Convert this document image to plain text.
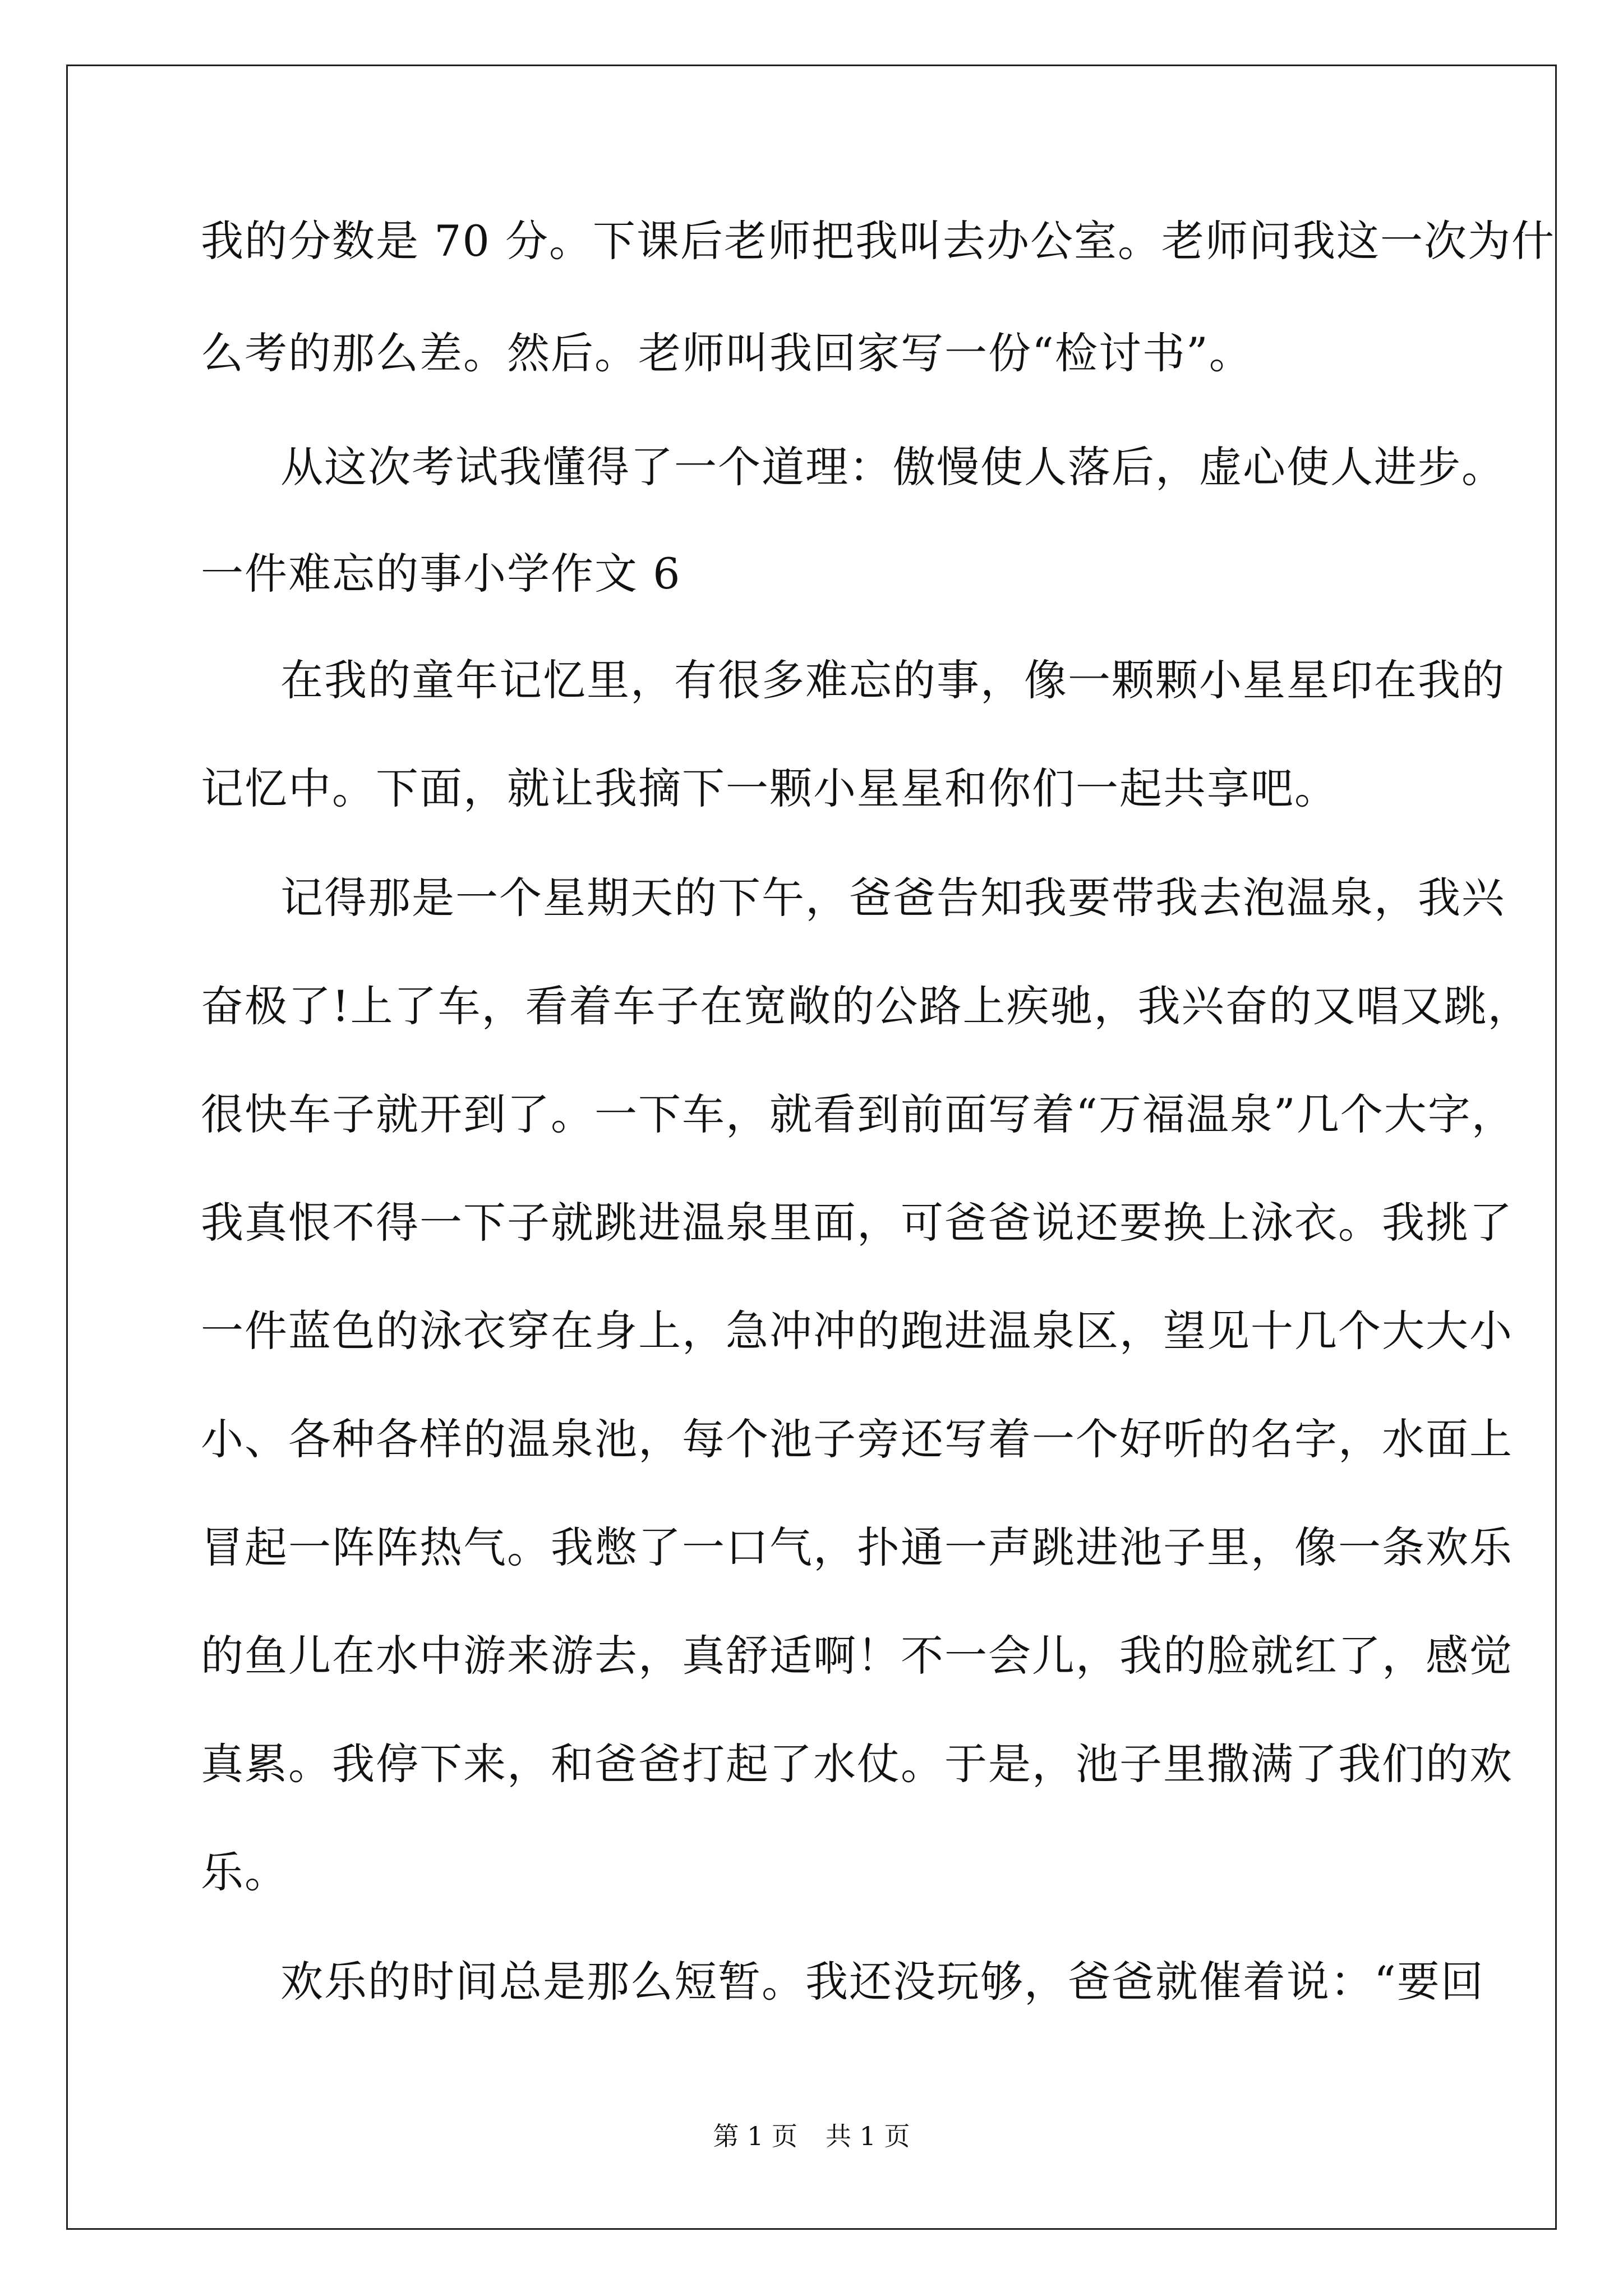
我的分数是 70 分。下课后老师把我叫去办公室。老师问我这一次为什
么考的那么差。然后。老师叫我回家写一份“检讨书”。
从这次考试我懂得了一个道理：傲慢使人落后，虚心使人进步。
一件难忘的事小学作文 6
在我的童年记忆里，有很多难忘的事，像一颗颗小星星印在我的
记忆中。下面，就让我摘下一颗小星星和你们一起共享吧。
记得那是一个星期天的下午，爸爸告知我要带我去泡温泉，我兴
奋极了!上了车，看着车子在宽敞的公路上疾驰，我兴奋的又唱又跳，
很快车子就开到了。一下车，就看到前面写着“万福温泉”几个大字，
我真恨不得一下子就跳进温泉里面，可爸爸说还要换上泳衣。我挑了
一件蓝色的泳衣穿在身上，急冲冲的跑进温泉区，望见十几个大大小
小、各种各样的温泉池，每个池子旁还写着一个好听的名字，水面上
冒起一阵阵热气。我憋了一口气，扑通一声跳进池子里，像一条欢乐
的鱼儿在水中游来游去，真舒适啊！不一会儿，我的脸就红了，感觉
真累。我停下来，和爸爸打起了水仗。于是，池子里撒满了我们的欢
乐。
欢乐的时间总是那么短暂。我还没玩够，爸爸就催着说：“要回
第 1 页 共 1 页
